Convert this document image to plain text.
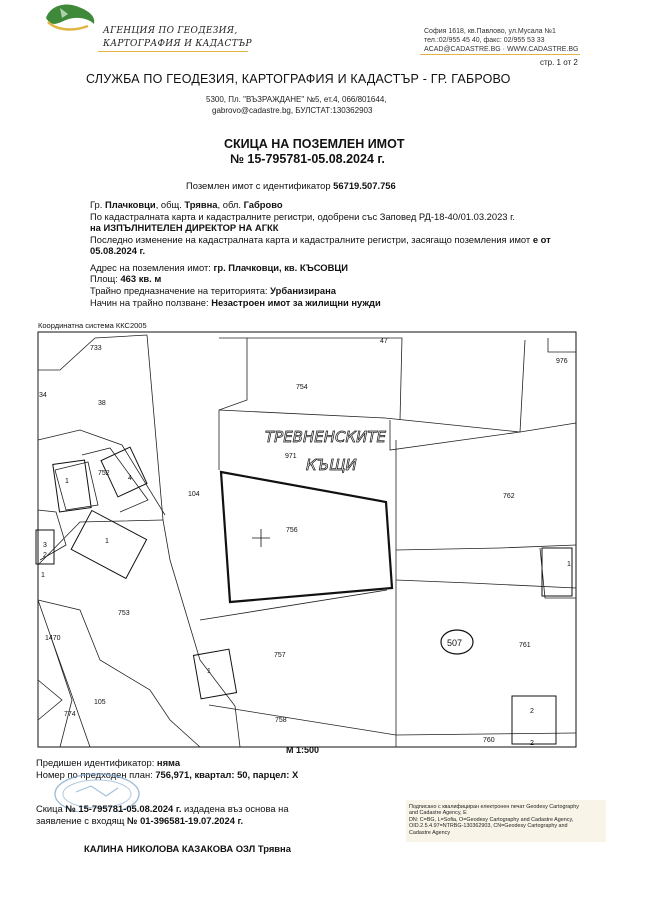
АГЕНЦИЯ ПО ГЕОДЕЗИЯ,
КАРТОГРАФИЯ И КАДАСТЪР
София 1618, кв.Павлово, ул.Мусала №1
тел.:02/955 45 40, факс: 02/955 53 33
ACAD@CADASTRE.BG · WWW.CADASTRE.BG
стр. 1 от 2
СЛУЖБА ПО ГЕОДЕЗИЯ, КАРТОГРАФИЯ И КАДАСТЪР - ГР. ГАБРОВО
5300, Пл. "ВЪЗРАЖДАНЕ" №5, ет.4, 066/801644,
gabrovo@cadastre.bg, БУЛСТАТ:130362903
СКИЦА НА ПОЗЕМЛЕН ИМОТ
№ 15-795781-05.08.2024 г.
Поземлен имот с идентификатор 56719.507.756
Гр. Плачковци, общ. Трявна, обл. Габрово
По кадастралната карта и кадастралните регистри, одобрени със Заповед РД-18-40/01.03.2023 г.
на ИЗПЪЛНИТЕЛЕН ДИРЕКТОР НА АГКК
Последно изменение на кадастралната карта и кадастралните регистри, засягащо поземления имот е от
05.08.2024 г.
Адрес на поземления имот: гр. Плачковци, кв. КЪСОВЦИ
Площ: 463 кв. м
Трайно предназначение на територията: Урбанизирана
Начин на трайно ползване: Незастроен имот за жилищни нужди
Координатна система ККС2005
ТРЕВНЕНСКИТЕ
КЪЩИ
733
976
754
34
38
971
752
1	4
104	762
756
3
2
1
1
753
1
1470
761
757
1
105
774
758
2
760	2
47
507
М 1:500
Предишен идентификатор: няма
Номер по предходен план: 756,971, квартал: 50, парцел: X
Скица № 15-795781-05.08.2024 г. издадена въз основа на
заявление с входящ № 01-396581-19.07.2024 г.
КАЛИНА НИКОЛОВА КАЗАКОВА ОЗЛ Трявна
Подписано с квалифициран електронен печат Geodesy Cartography
and Cadastre Agency, E
DN: C=BG, L=Sofia, O=Geodesy Cartography and Cadastre Agency,
OID.2.5.4.97=NTRBG-130362903, CN=Geodesy Cartography and
Cadastre Agency
